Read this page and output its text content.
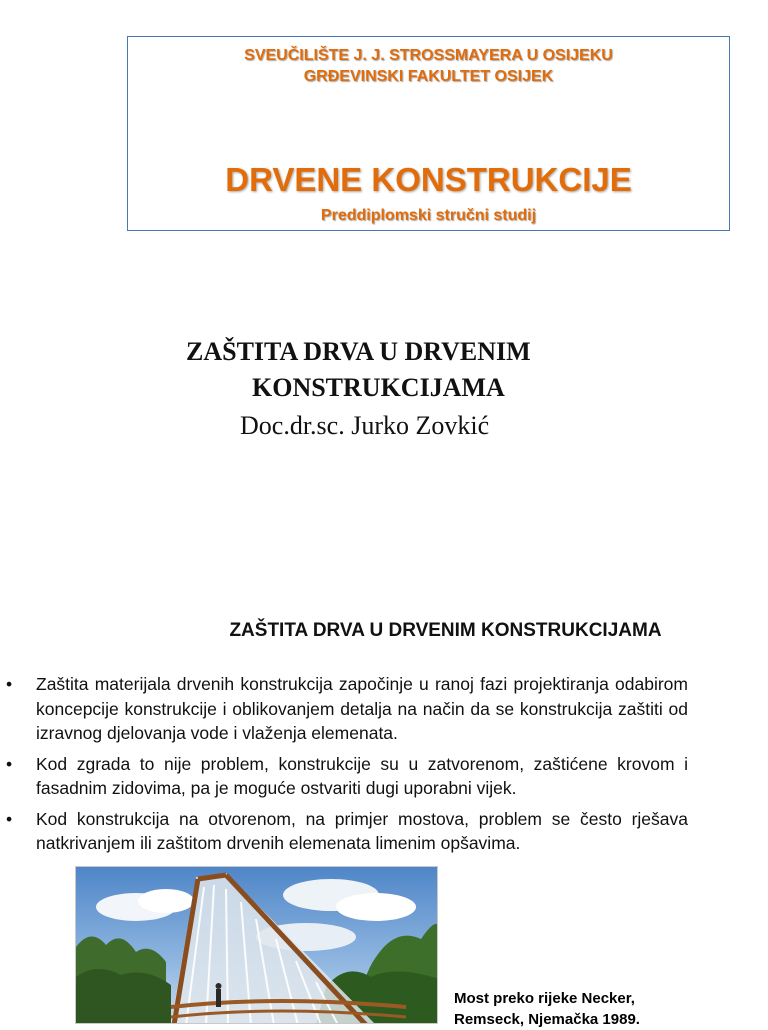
SVEUČILIŠTE J. J. STROSSMAYERA U OSIJEKU
GRĐEVINSKI FAKULTET OSIJEK
DRVENE KONSTRUKCIJE
Preddiplomski stručni studij
ZAŠTITA DRVA U DRVENIM
KONSTRUKCIJAMA
Doc.dr.sc. Jurko Zovkić
ZAŠTITA DRVA U DRVENIM KONSTRUKCIJAMA
•	Zaštita materijala drvenih konstrukcija započinje u ranoj fazi projektiranja odabirom koncepcije konstrukcije i oblikovanjem detalja na način da se konstrukcija zaštiti od izravnog djelovanja vode i vlaženja elemenata.
•	Kod zgrada to nije problem, konstrukcije su u zatvorenom, zaštićene krovom i fasadnim zidovima, pa je moguće ostvariti dugi uporabni vijek.
•	Kod konstrukcija na otvorenom, na primjer mostova, problem se često rješava natkrivanjem ili zaštitom drvenih elemenata limenim opšavima.
Most preko rijeke Necker,
Remseck, Njemačka 1989.
